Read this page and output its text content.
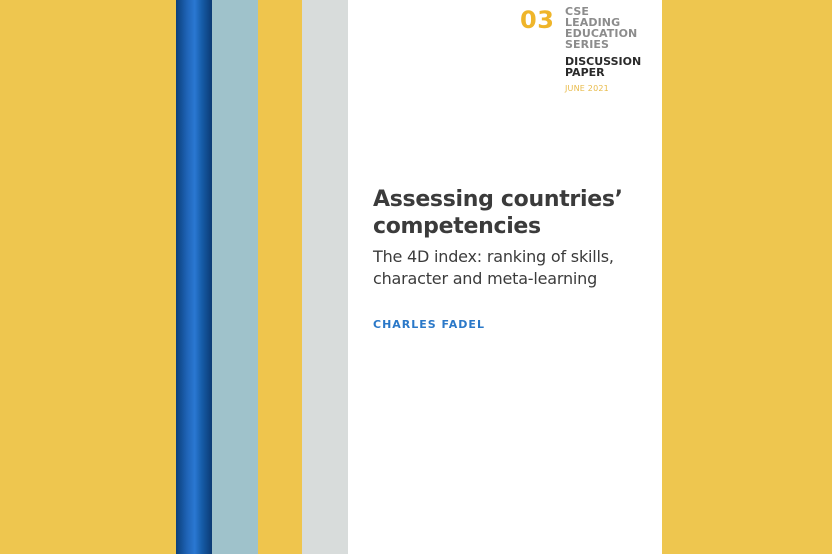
03 CSE
LEADING
EDUCATION
SERIES
DISCUSSION
PAPER
JUNE 2021
Assessing countries’
competencies
The 4D index: ranking of skills,
character and meta-learning
CHARLES FADEL
